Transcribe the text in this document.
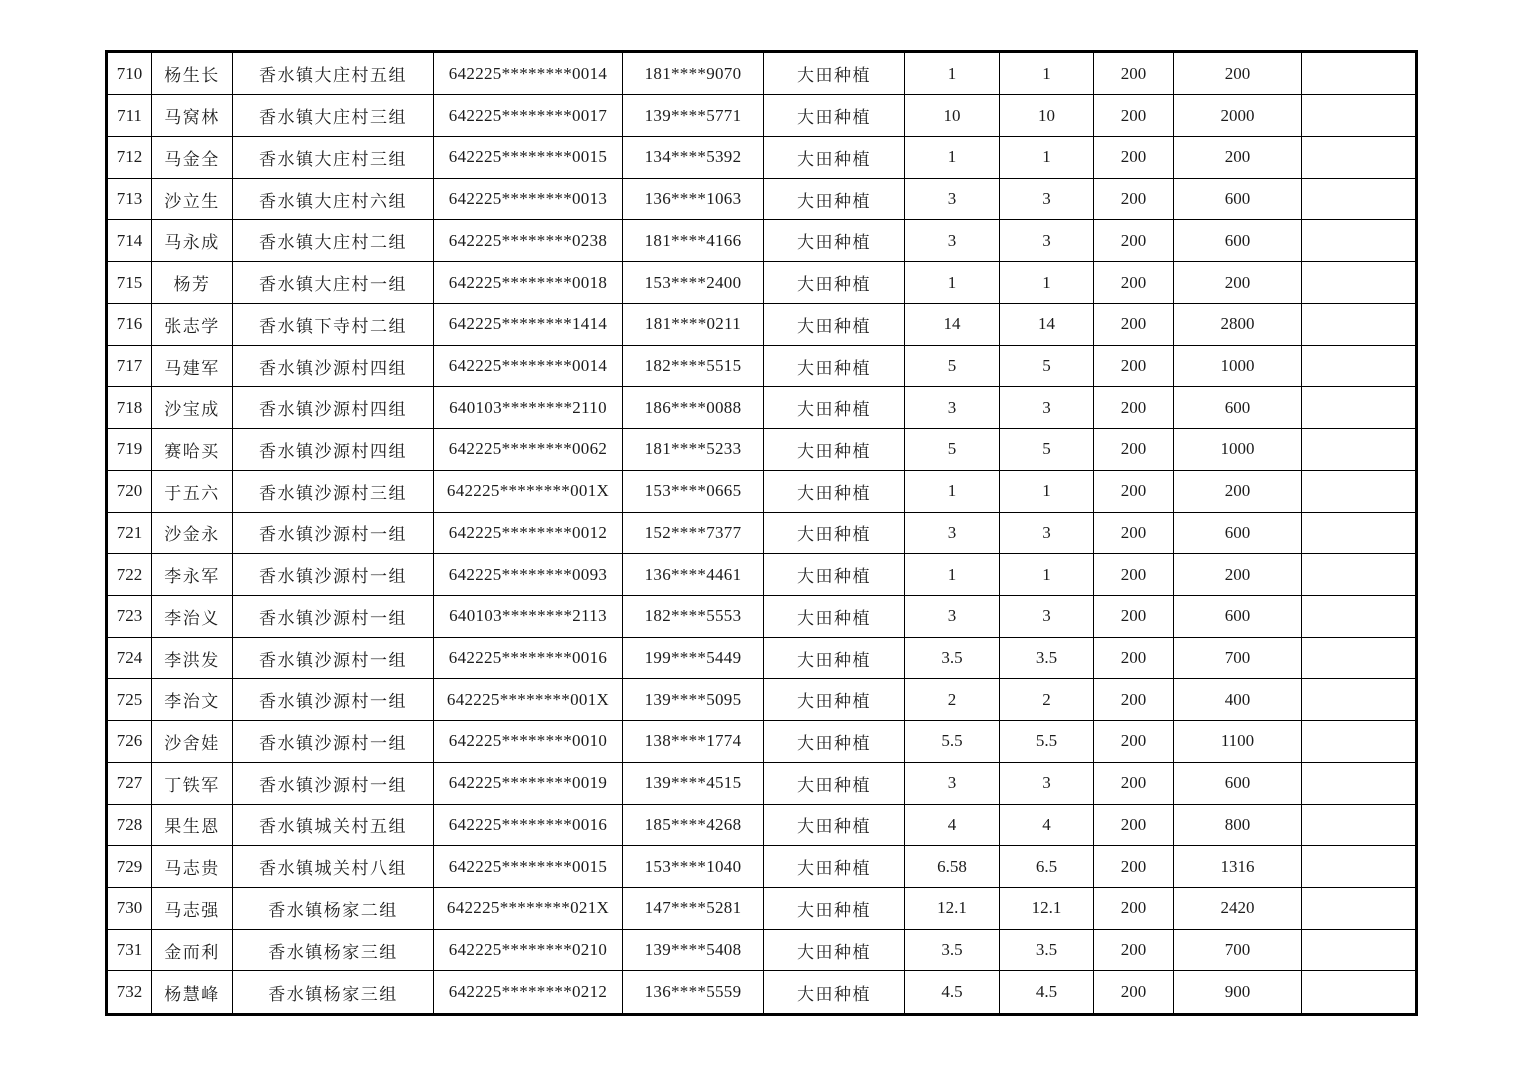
710	杨生长	香水镇大庄村五组	642225********0014	181****9070	大田种植	1	1	200	200	
711	马窝林	香水镇大庄村三组	642225********0017	139****5771	大田种植	10	10	200	2000	
712	马金全	香水镇大庄村三组	642225********0015	134****5392	大田种植	1	1	200	200	
713	沙立生	香水镇大庄村六组	642225********0013	136****1063	大田种植	3	3	200	600	
714	马永成	香水镇大庄村二组	642225********0238	181****4166	大田种植	3	3	200	600	
715	杨芳	香水镇大庄村一组	642225********0018	153****2400	大田种植	1	1	200	200	
716	张志学	香水镇下寺村二组	642225********1414	181****0211	大田种植	14	14	200	2800	
717	马建军	香水镇沙源村四组	642225********0014	182****5515	大田种植	5	5	200	1000	
718	沙宝成	香水镇沙源村四组	640103********2110	186****0088	大田种植	3	3	200	600	
719	赛哈买	香水镇沙源村四组	642225********0062	181****5233	大田种植	5	5	200	1000	
720	于五六	香水镇沙源村三组	642225********001X	153****0665	大田种植	1	1	200	200	
721	沙金永	香水镇沙源村一组	642225********0012	152****7377	大田种植	3	3	200	600	
722	李永军	香水镇沙源村一组	642225********0093	136****4461	大田种植	1	1	200	200	
723	李治义	香水镇沙源村一组	640103********2113	182****5553	大田种植	3	3	200	600	
724	李洪发	香水镇沙源村一组	642225********0016	199****5449	大田种植	3.5	3.5	200	700	
725	李治文	香水镇沙源村一组	642225********001X	139****5095	大田种植	2	2	200	400	
726	沙舍娃	香水镇沙源村一组	642225********0010	138****1774	大田种植	5.5	5.5	200	1100	
727	丁铁军	香水镇沙源村一组	642225********0019	139****4515	大田种植	3	3	200	600	
728	果生恩	香水镇城关村五组	642225********0016	185****4268	大田种植	4	4	200	800	
729	马志贵	香水镇城关村八组	642225********0015	153****1040	大田种植	6.58	6.5	200	1316	
730	马志强	香水镇杨家二组	642225********021X	147****5281	大田种植	12.1	12.1	200	2420	
731	金而利	香水镇杨家三组	642225********0210	139****5408	大田种植	3.5	3.5	200	700	
732	杨慧峰	香水镇杨家三组	642225********0212	136****5559	大田种植	4.5	4.5	200	900	
